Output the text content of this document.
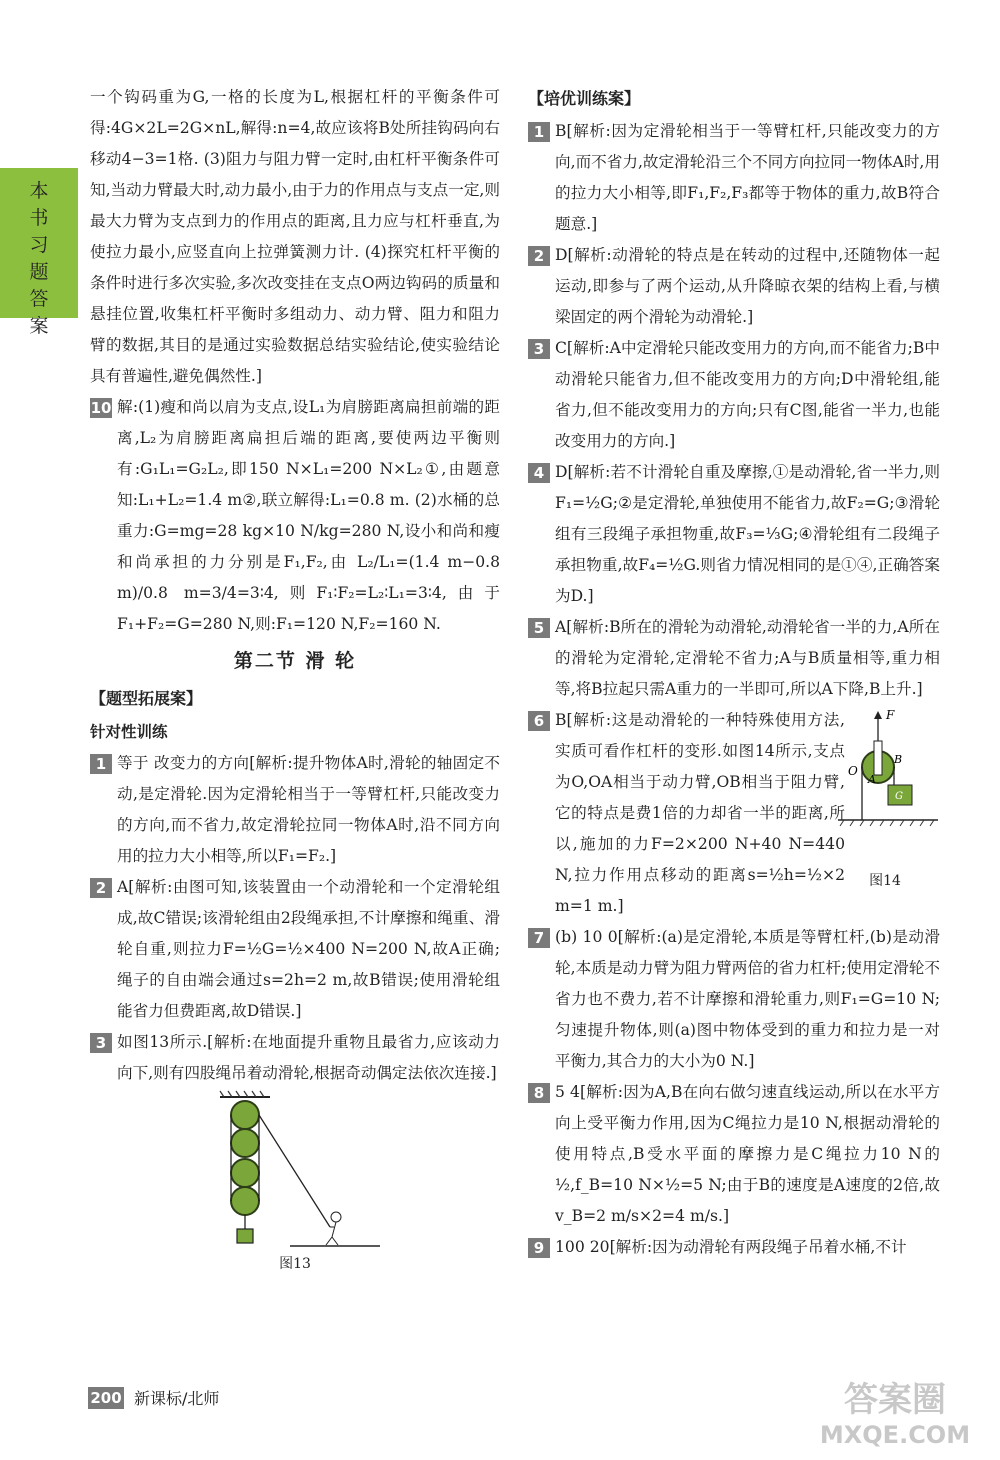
本书习题答案

一个钩码重为G,一格的长度为L,根据杠杆的平衡条件可得:4G×2L=2G×nL,解得:n=4,故应该将B处所挂钩码向右移动4−3=1格. (3)阻力与阻力臂一定时,由杠杆平衡条件可知,当动力臂最大时,动力最小,由于力的作用点与支点一定,则最大力臂为支点到力的作用点的距离,且力应与杠杆垂直,为使拉力最小,应竖直向上拉弹簧测力计. (4)探究杠杆平衡的条件时进行多次实验,多次改变挂在支点O两边钩码的质量和悬挂位置,收集杠杆平衡时多组动力、动力臂、阻力和阻力臂的数据,其目的是通过实验数据总结实验结论,使实验结论具有普遍性,避免偶然性.]

10 解:(1)瘦和尚以肩为支点,设L₁为肩膀距离扁担前端的距离,L₂为肩膀距离扁担后端的距离,要使两边平衡则有:G₁L₁=G₂L₂,即150 N×L₁=200 N×L₂①,由题意知:L₁+L₂=1.4 m②,联立解得:L₁=0.8 m. (2)水桶的总重力:G=mg=28 kg×10 N/kg=280 N,设小和尚和瘦和尚承担的力分别是F₁,F₂,由 L₂/L₁=(1.4 m−0.8 m)/0.8 m=3/4=3∶4,则F₁∶F₂=L₂∶L₁=3∶4,由于F₁+F₂=G=280 N,则:F₁=120 N,F₂=160 N.
第二节 滑 轮
【题型拓展案】
针对性训练
1 等于 改变力的方向[解析:提升物体A时,滑轮的轴固定不动,是定滑轮.因为定滑轮相当于一等臂杠杆,只能改变力的方向,而不省力,故定滑轮拉同一物体A时,沿不同方向用的拉力大小相等,所以F₁=F₂.]
2 A[解析:由图可知,该装置由一个动滑轮和一个定滑轮组成,故C错误;该滑轮组由2段绳承担,不计摩擦和绳重、滑轮自重,则拉力F=½G=½×400 N=200 N,故A正确;绳子的自由端会通过s=2h=2 m,故B错误;使用滑轮组能省力但费距离,故D错误.]
3 如图13所示.[解析:在地面提升重物且最省力,应该动力向下,则有四股绳吊着动滑轮,根据奇动偶定法依次连接.]
图13
【培优训练案】
1 B[解析:因为定滑轮相当于一等臂杠杆,只能改变力的方向,而不省力,故定滑轮沿三个不同方向拉同一物体A时,用的拉力大小相等,即F₁,F₂,F₃都等于物体的重力,故B符合题意.]
2 D[解析:动滑轮的特点是在转动的过程中,还随物体一起运动,即参与了两个运动,从升降晾衣架的结构上看,与横梁固定的两个滑轮为动滑轮.]
3 C[解析:A中定滑轮只能改变用力的方向,而不能省力;B中动滑轮只能省力,但不能改变用力的方向;D中滑轮组,能省力,但不能改变用力的方向;只有C图,能省一半力,也能改变用力的方向.]
4 D[解析:若不计滑轮自重及摩擦,①是动滑轮,省一半力,则F₁=½G;②是定滑轮,单独使用不能省力,故F₂=G;③滑轮组有三段绳子承担物重,故F₃=⅓G;④滑轮组有二段绳子承担物重,故F₄=½G.则省力情况相同的是①④,正确答案为D.]
5 A[解析:B所在的滑轮为动滑轮,动滑轮省一半的力,A所在的滑轮为定滑轮,定滑轮不省力;A与B质量相等,重力相等,将B拉起只需A重力的一半即可,所以A下降,B上升.]
6 B[解析:这是动滑轮的一种特殊使用方法,实质可看作杠杆的变形.如图14所示,支点为O,OA相当于动力臂,OB相当于阻力臂,它的特点是费1倍的力却省一半的距离,所以,施加的力F=2×200 N+40 N=440 N,拉力作用点移动的距离s=½h=½×2 m=1 m.]
F
O
A
B
G
图14
7 (b) 10 0[解析:(a)是定滑轮,本质是等臂杠杆,(b)是动滑轮,本质是动力臂为阻力臂两倍的省力杠杆;使用定滑轮不省力也不费力,若不计摩擦和滑轮重力,则F₁=G=10 N;匀速提升物体,则(a)图中物体受到的重力和拉力是一对平衡力,其合力的大小为0 N.]
8 5 4[解析:因为A,B在向右做匀速直线运动,所以在水平方向上受平衡力作用,因为C绳拉力是10 N,根据动滑轮的使用特点,B受水平面的摩擦力是C绳拉力10 N的½,f_B=10 N×½=5 N;由于B的速度是A速度的2倍,故v_B=2 m/s×2=4 m/s.]
9 100 20[解析:因为动滑轮有两段绳子吊着水桶,不计
200 新课标/北师	答案圈
MXQE.COM
